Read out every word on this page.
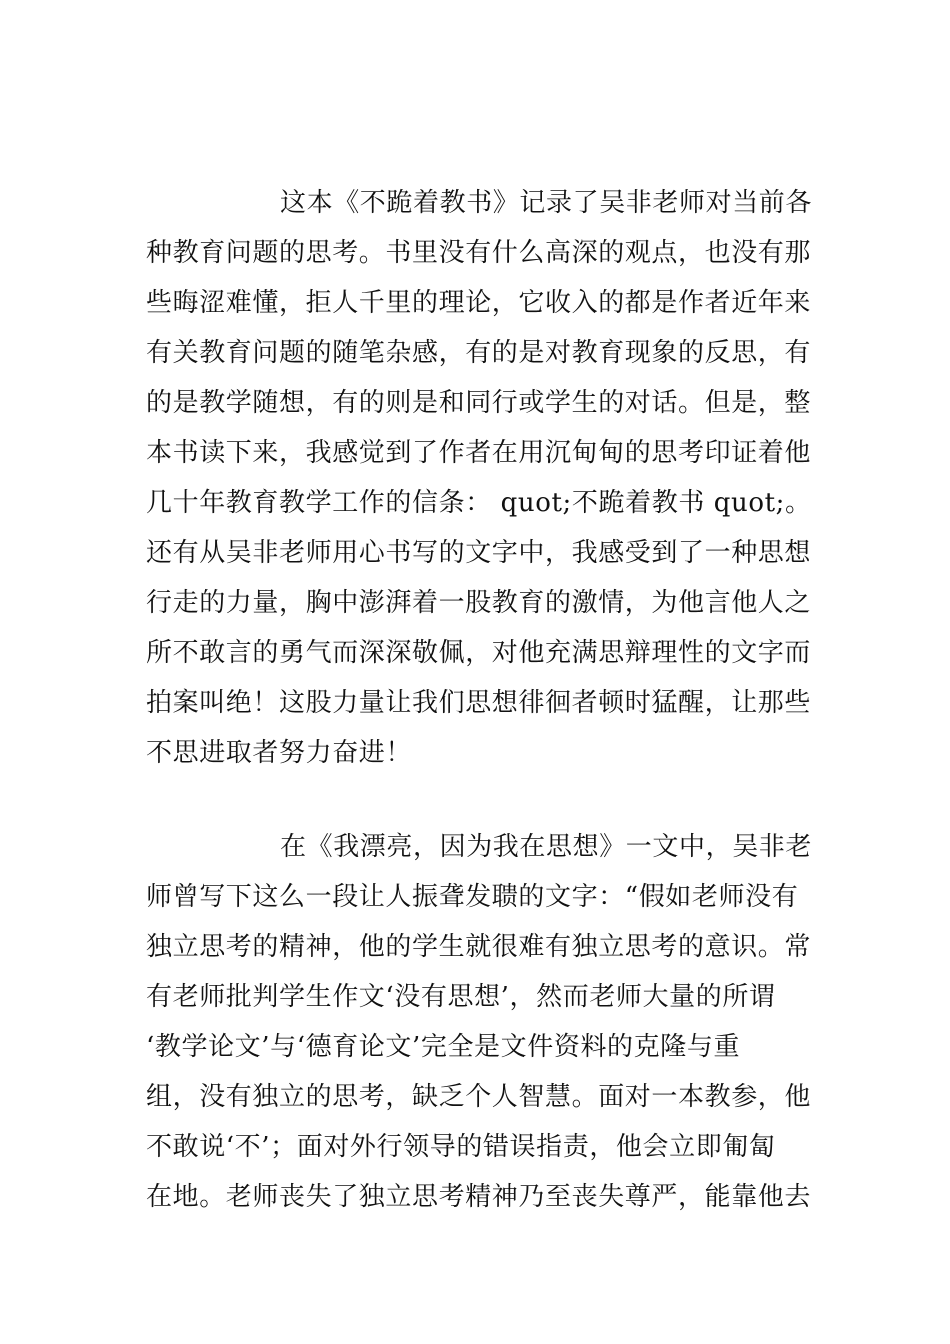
这本《不跪着教书》记录了吴非老师对当前各
种教育问题的思考。书里没有什么高深的观点，也没有那
些晦涩难懂，拒人千里的理论，它收入的都是作者近年来
有关教育问题的随笔杂感，有的是对教育现象的反思，有
的是教学随想，有的则是和同行或学生的对话。但是，整
本书读下来，我感觉到了作者在用沉甸甸的思考印证着他
几十年教育教学工作的信条： quot;不跪着教书 quot;。
还有从吴非老师用心书写的文字中，我感受到了一种思想
行走的力量，胸中澎湃着一股教育的激情，为他言他人之
所不敢言的勇气而深深敬佩，对他充满思辩理性的文字而
拍案叫绝！这股力量让我们思想徘徊者顿时猛醒，让那些
不思进取者努力奋进！
在《我漂亮，因为我在思想》一文中，吴非老
师曾写下这么一段让人振聋发聩的文字：“假如老师没有
独立思考的精神，他的学生就很难有独立思考的意识。常
有老师批判学生作文‘没有思想’，然而老师大量的所谓
‘教学论文’与‘德育论文’完全是文件资料的克隆与重
组，没有独立的思考，缺乏个人智慧。面对一本教参，他
不敢说‘不’；面对外行领导的错误指责，他会立即匍匐
在地。老师丧失了独立思考精神乃至丧失尊严，能靠他去
